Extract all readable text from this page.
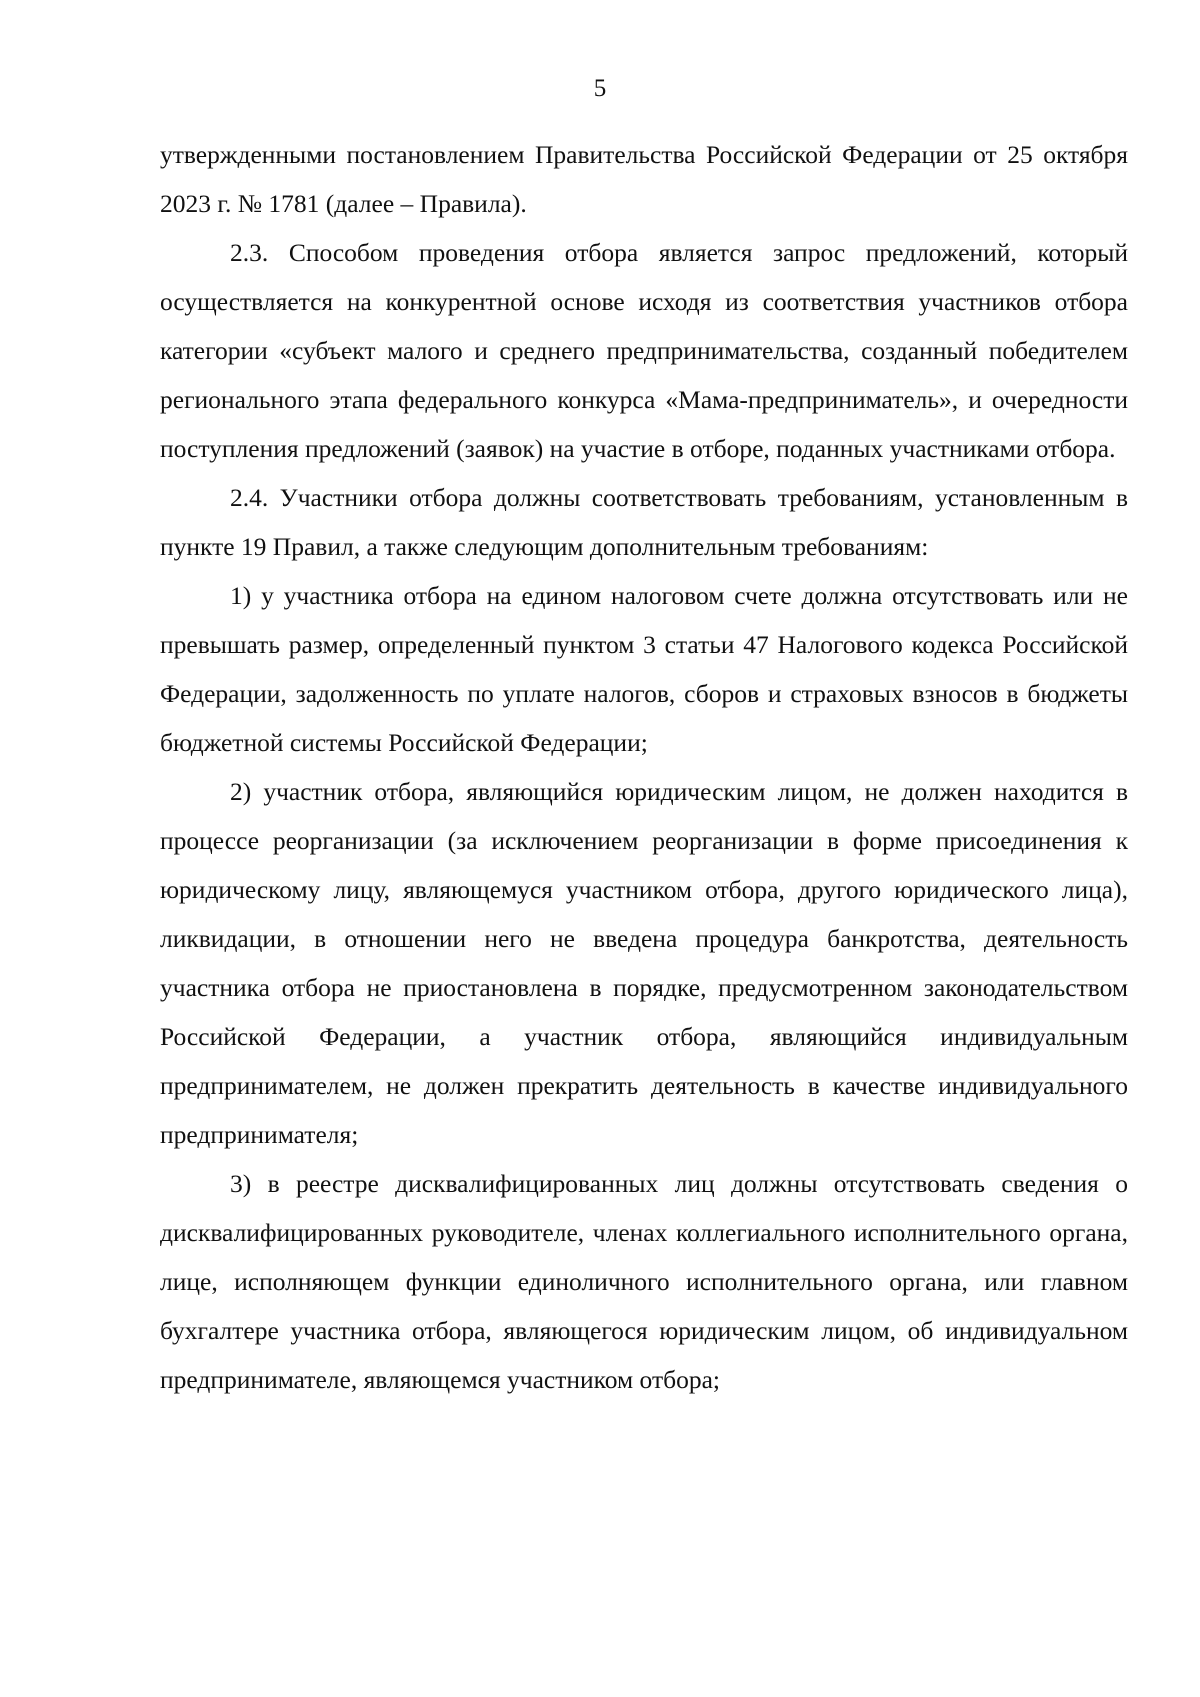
5

утвержденными постановлением Правительства Российской Федерации от 25 октября 2023 г. № 1781 (далее – Правила).

2.3. Способом проведения отбора является запрос предложений, который осуществляется на конкурентной основе исходя из соответствия участников отбора категории «субъект малого и среднего предпринимательства, созданный победителем регионального этапа федерального конкурса «Мама-предприниматель», и очередности поступления предложений (заявок) на участие в отборе, поданных участниками отбора.

2.4. Участники отбора должны соответствовать требованиям, установленным в пункте 19 Правил, а также следующим дополнительным требованиям:

1) у участника отбора на едином налоговом счете должна отсутствовать или не превышать размер, определенный пунктом 3 статьи 47 Налогового кодекса Российской Федерации, задолженность по уплате налогов, сборов и страховых взносов в бюджеты бюджетной системы Российской Федерации;

2) участник отбора, являющийся юридическим лицом, не должен находится в процессе реорганизации (за исключением реорганизации в форме присоединения к юридическому лицу, являющемуся участником отбора, другого юридического лица), ликвидации, в отношении него не введена процедура банкротства, деятельность участника отбора не приостановлена в порядке, предусмотренном законодательством Российской Федерации, а участник отбора, являющийся индивидуальным предпринимателем, не должен прекратить деятельность в качестве индивидуального предпринимателя;

3) в реестре дисквалифицированных лиц должны отсутствовать сведения о дисквалифицированных руководителе, членах коллегиального исполнительного органа, лице, исполняющем функции единоличного исполнительного органа, или главном бухгалтере участника отбора, являющегося юридическим лицом, об индивидуальном предпринимателе, являющемся участником отбора;
